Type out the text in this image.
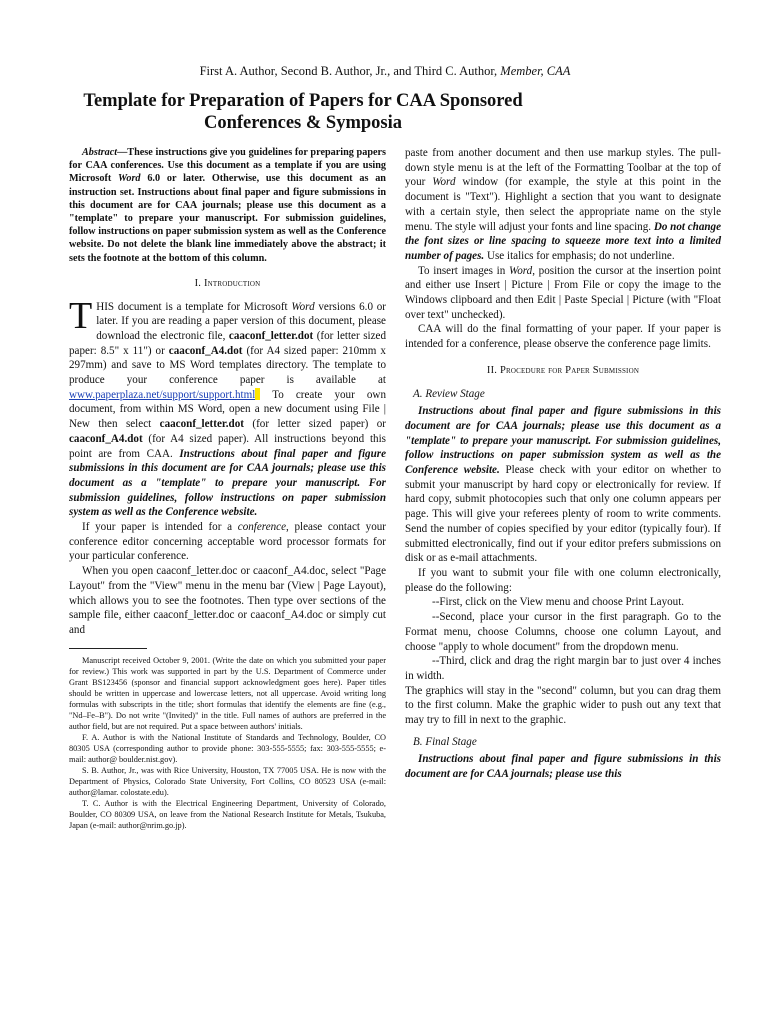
First A. Author, Second B. Author, Jr., and Third C. Author, Member, CAA
Template for Preparation of Papers for CAA Sponsored
Conferences & Symposia

Abstract—These instructions give you guidelines for preparing papers for CAA conferences. Use this document as a template if you are using Microsoft Word 6.0 or later. Otherwise, use this document as an instruction set. Instructions about final paper and figure submissions in this document are for CAA journals; please use this document as a "template" to prepare your manuscript. For submission guidelines, follow instructions on paper submission system as well as the Conference website. Do not delete the blank line immediately above the abstract; it sets the footnote at the bottom of this column.

I. Introduction

THIS document is a template for Microsoft Word versions 6.0 or later. If you are reading a paper version of this document, please download the electronic file, caaconf_letter.dot (for letter sized paper: 8.5" x 11") or caaconf_A4.dot (for A4 sized paper: 210mm x 297mm) and save to MS Word templates directory. The template to produce your conference paper is available at www.paperplaza.net/support/support.html To create your own document, from within MS Word, open a new document using File | New then select caaconf_letter.dot (for letter sized paper) or caaconf_A4.dot (for A4 sized paper). All instructions beyond this point are from CAA. Instructions about final paper and figure submissions in this document are for CAA journals; please use this document as a "template" to prepare your manuscript. For submission guidelines, follow instructions on paper submission system as well as the Conference website.

If your paper is intended for a conference, please contact your conference editor concerning acceptable word processor formats for your particular conference.

When you open caaconf_letter.doc or caaconf_A4.doc, select "Page Layout" from the "View" menu in the menu bar (View | Page Layout), which allows you to see the footnotes. Then type over sections of the sample file, either caaconf_letter.doc or caaconf_A4.doc or simply cut and

Manuscript received October 9, 2001. (Write the date on which you submitted your paper for review.) This work was supported in part by the U.S. Department of Commerce under Grant BS123456 (sponsor and financial support acknowledgment goes here). Paper titles should be written in uppercase and lowercase letters, not all uppercase. Avoid writing long formulas with subscripts in the title; short formulas that identify the elements are fine (e.g., "Nd–Fe–B"). Do not write "(Invited)" in the title. Full names of authors are preferred in the author field, but are not required. Put a space between authors' initials.

F. A. Author is with the National Institute of Standards and Technology, Boulder, CO 80305 USA (corresponding author to provide phone: 303-555-5555; fax: 303-555-5555; e-mail: author@ boulder.nist.gov).

S. B. Author, Jr., was with Rice University, Houston, TX 77005 USA. He is now with the Department of Physics, Colorado State University, Fort Collins, CO 80523 USA (e-mail: author@lamar. colostate.edu).

T. C. Author is with the Electrical Engineering Department, University of Colorado, Boulder, CO 80309 USA, on leave from the National Research Institute for Metals, Tsukuba, Japan (e-mail: author@nrim.go.jp).

paste from another document and then use markup styles. The pull-down style menu is at the left of the Formatting Toolbar at the top of your Word window (for example, the style at this point in the document is "Text"). Highlight a section that you want to designate with a certain style, then select the appropriate name on the style menu. The style will adjust your fonts and line spacing. Do not change the font sizes or line spacing to squeeze more text into a limited number of pages. Use italics for emphasis; do not underline.

To insert images in Word, position the cursor at the insertion point and either use Insert | Picture | From File or copy the image to the Windows clipboard and then Edit | Paste Special | Picture (with "Float over text" unchecked).

CAA will do the final formatting of your paper. If your paper is intended for a conference, please observe the conference page limits.

II. Procedure for Paper Submission
A. Review Stage

Instructions about final paper and figure submissions in this document are for CAA journals; please use this document as a "template" to prepare your manuscript. For submission guidelines, follow instructions on paper submission system as well as the Conference website. Please check with your editor on whether to submit your manuscript by hard copy or electronically for review. If hard copy, submit photocopies such that only one column appears per page. This will give your referees plenty of room to write comments. Send the number of copies specified by your editor (typically four). If submitted electronically, find out if your editor prefers submissions on disk or as e-mail attachments.

If you want to submit your file with one column electronically, please do the following:

--First, click on the View menu and choose Print Layout.

--Second, place your cursor in the first paragraph. Go to the Format menu, choose Columns, choose one column Layout, and choose "apply to whole document" from the dropdown menu.

--Third, click and drag the right margin bar to just over 4 inches in width.

The graphics will stay in the "second" column, but you can drag them to the first column. Make the graphic wider to push out any text that may try to fill in next to the graphic.

B. Final Stage

Instructions about final paper and figure submissions in this document are for CAA journals; please use this
